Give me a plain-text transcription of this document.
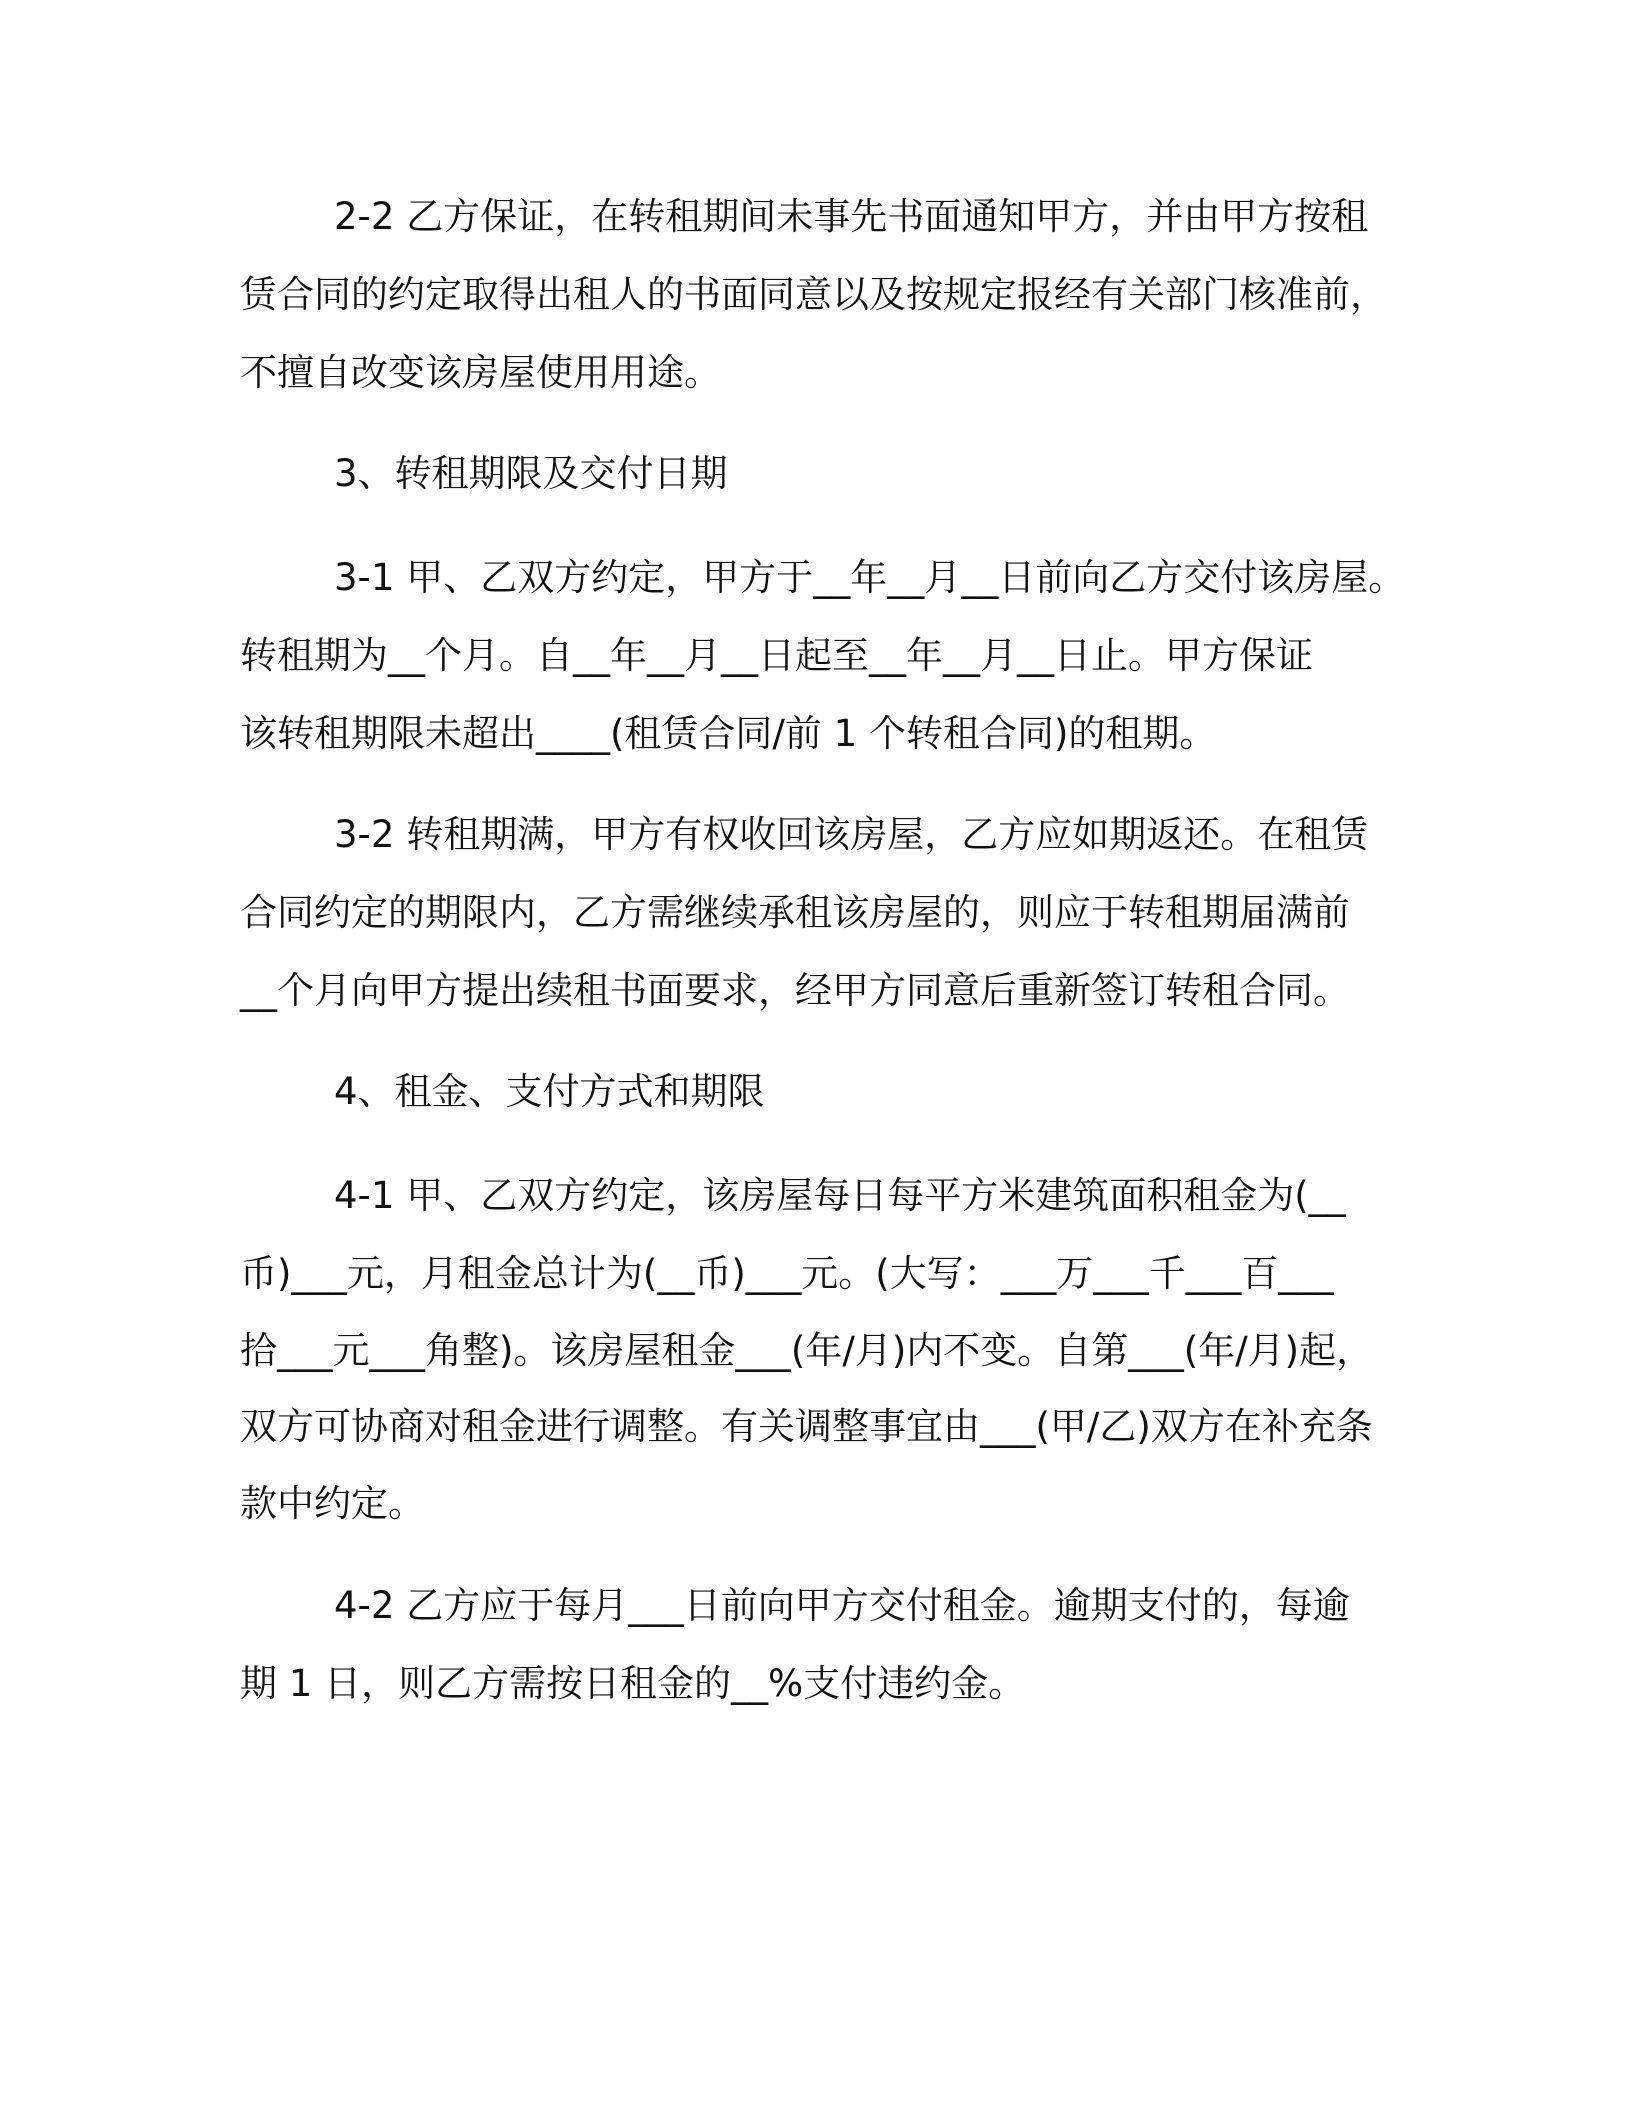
2-2 乙方保证，在转租期间未事先书面通知甲方，并由甲方按租
赁合同的约定取得出租人的书面同意以及按规定报经有关部门核准前，
不擅自改变该房屋使用用途。
3、转租期限及交付日期
3-1 甲、乙双方约定，甲方于__年__月__日前向乙方交付该房屋。
转租期为__个月。自__年__月__日起至__年__月__日止。甲方保证
该转租期限未超出____(租赁合同/前 1 个转租合同)的租期。
3-2 转租期满，甲方有权收回该房屋，乙方应如期返还。在租赁
合同约定的期限内，乙方需继续承租该房屋的，则应于转租期届满前
__个月向甲方提出续租书面要求，经甲方同意后重新签订转租合同。
4、租金、支付方式和期限
4-1 甲、乙双方约定，该房屋每日每平方米建筑面积租金为(__
币)___元，月租金总计为(__币)___元。(大写：___万___千___百___
拾___元___角整)。该房屋租金___(年/月)内不变。自第___(年/月)起，
双方可协商对租金进行调整。有关调整事宜由___(甲/乙)双方在补充条
款中约定。
4-2 乙方应于每月___日前向甲方交付租金。逾期支付的，每逾
期 1 日，则乙方需按日租金的__%支付违约金。
